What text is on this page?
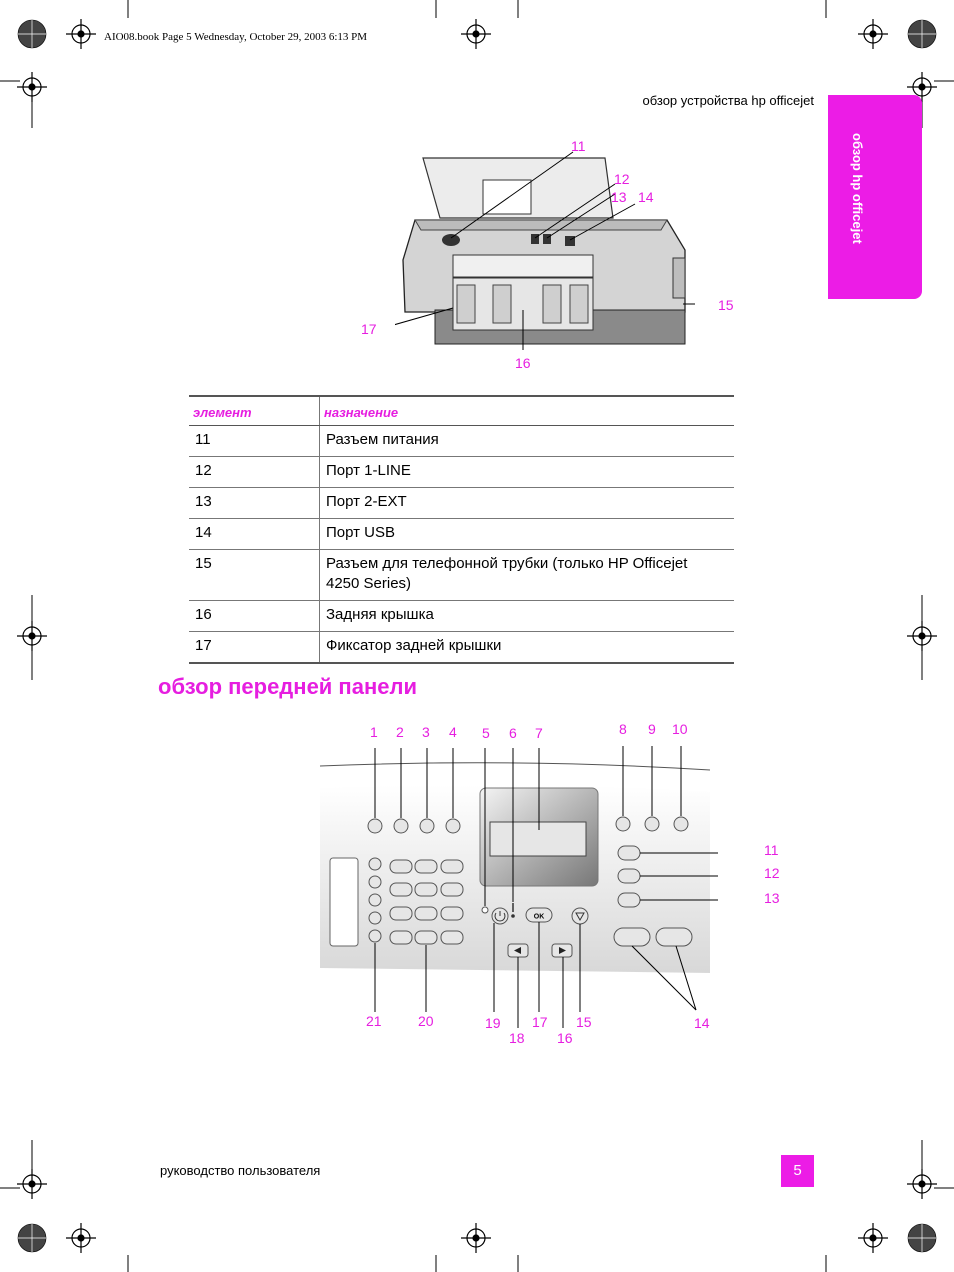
AIO08.book Page 5 Wednesday, October 29, 2003 6:13 PM
обзор устройства hp officejet
обзор hp officejet
11
12
13 14
15
16
17
элемент	назначение
11	Разъем питания
12	Порт 1-LINE
13	Порт 2-EXT
14	Порт USB
15	Разъем для телефонной трубки (только HP Officejet 4250 Series)
16	Задняя крышка
17	Фиксатор задней крышки
обзор передней панели
OK
1 2 3 4 5 6 7	8 9 10
11
12
13
14
15
16
17
18
19
20
21
руководство пользователя	5
